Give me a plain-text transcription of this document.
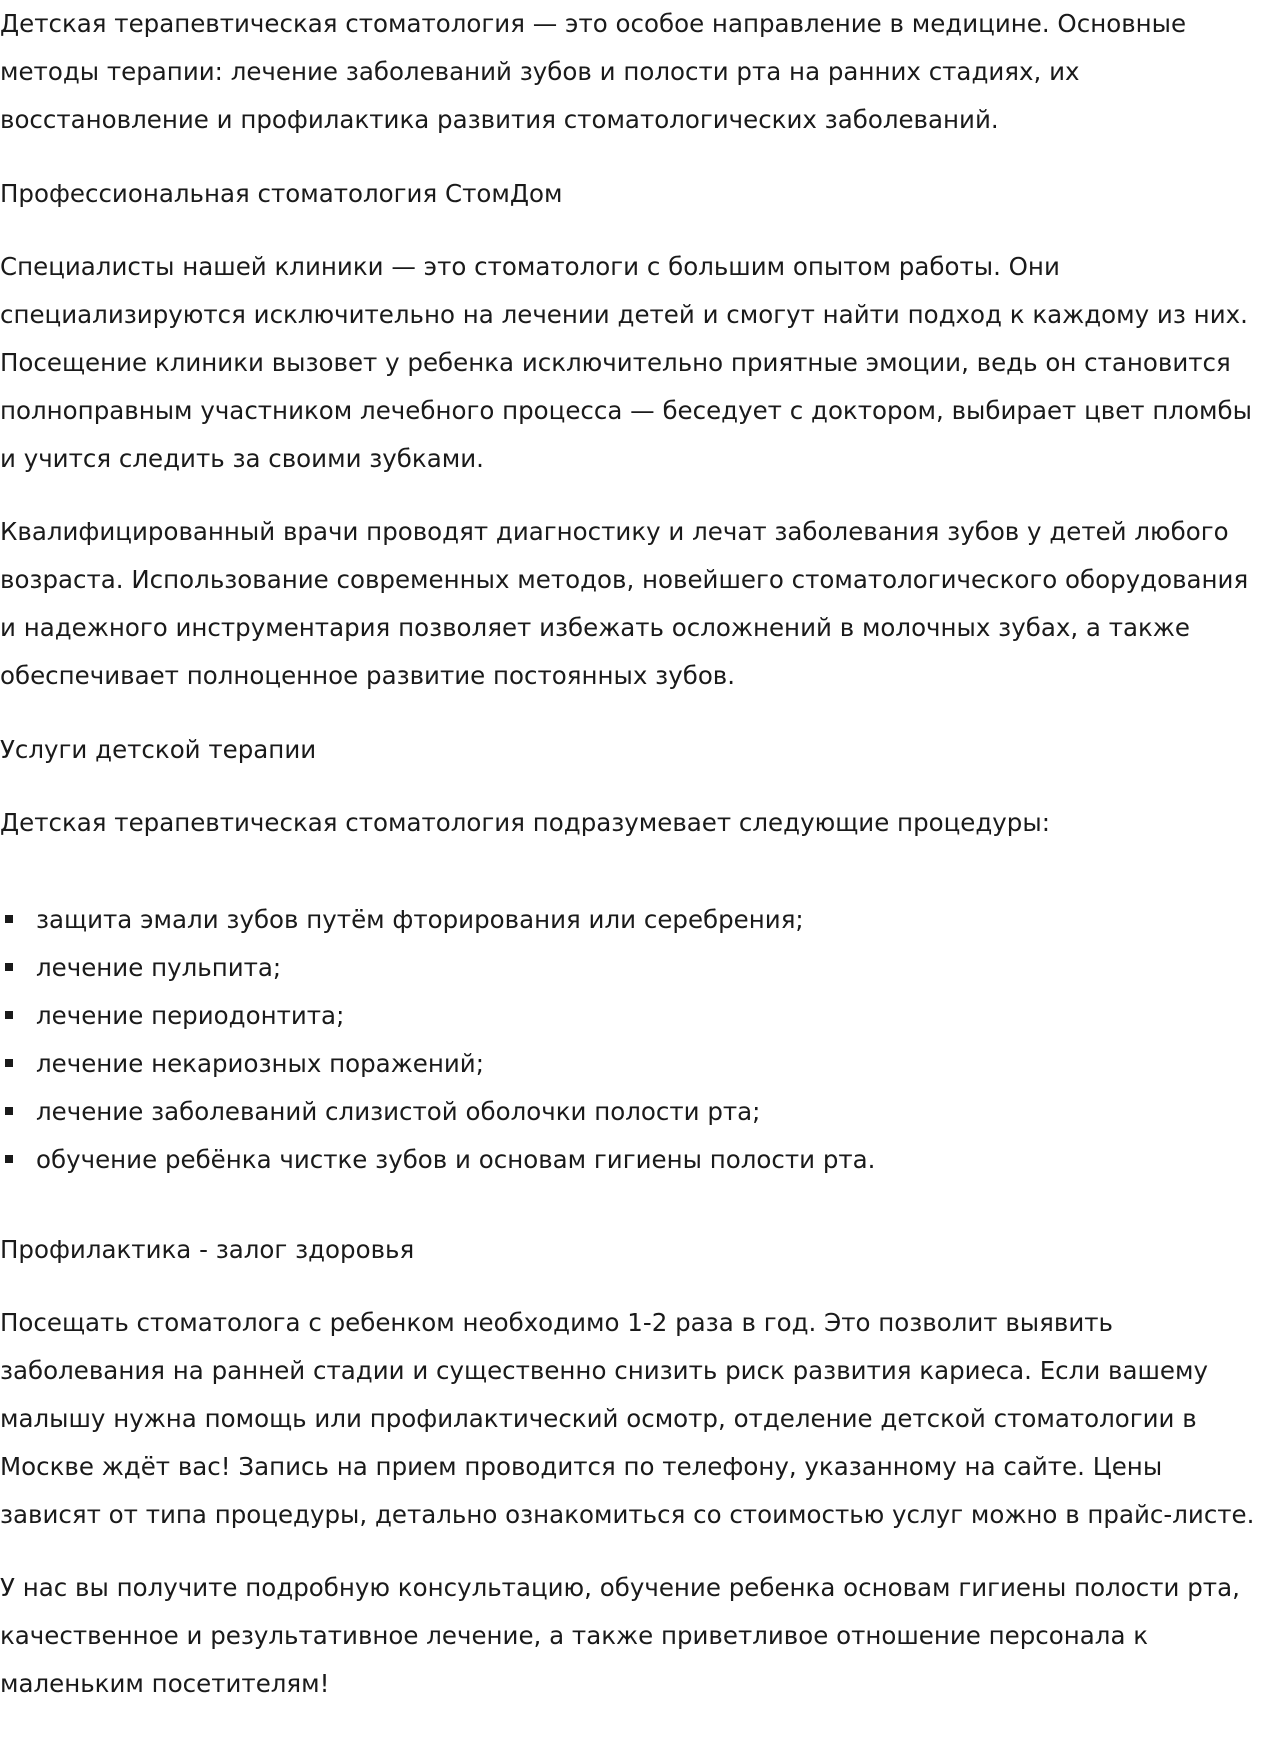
Детская терапевтическая стоматология — это особое направление в медицине. Основные методы терапии: лечение заболеваний зубов и полости рта на ранних стадиях, их восстановление и профилактика развития стоматологических заболеваний.

Профессиональная стоматология СтомДом

Специалисты нашей клиники — это стоматологи с большим опытом работы. Они специализируются исключительно на лечении детей и смогут найти подход к каждому из них. Посещение клиники вызовет у ребенка исключительно приятные эмоции, ведь он становится полноправным участником лечебного процесса — беседует с доктором, выбирает цвет пломбы и учится следить за своими зубками.

Квалифицированный врачи проводят диагностику и лечат заболевания зубов у детей любого возраста. Использование современных методов, новейшего стоматологического оборудования и надежного инструментария позволяет избежать осложнений в молочных зубах, а также обеспечивает полноценное развитие постоянных зубов.

Услуги детской терапии

Детская терапевтическая стоматология подразумевает следующие процедуры:

защита эмали зубов путём фторирования или серебрения;
лечение пульпита;
лечение периодонтита;
лечение некариозных поражений;
лечение заболеваний слизистой оболочки полости рта;
обучение ребёнка чистке зубов и основам гигиены полости рта.

Профилактика - залог здоровья

Посещать стоматолога с ребенком необходимо 1-2 раза в год. Это позволит выявить заболевания на ранней стадии и существенно снизить риск развития кариеса. Если вашему малышу нужна помощь или профилактический осмотр, отделение детской стоматологии в Москве ждёт вас! Запись на прием проводится по телефону, указанному на сайте. Цены зависят от типа процедуры, детально ознакомиться со стоимостью услуг можно в прайс-листе.

У нас вы получите подробную консультацию, обучение ребенка основам гигиены полости рта, качественное и результативное лечение, а также приветливое отношение персонала к маленьким посетителям!
